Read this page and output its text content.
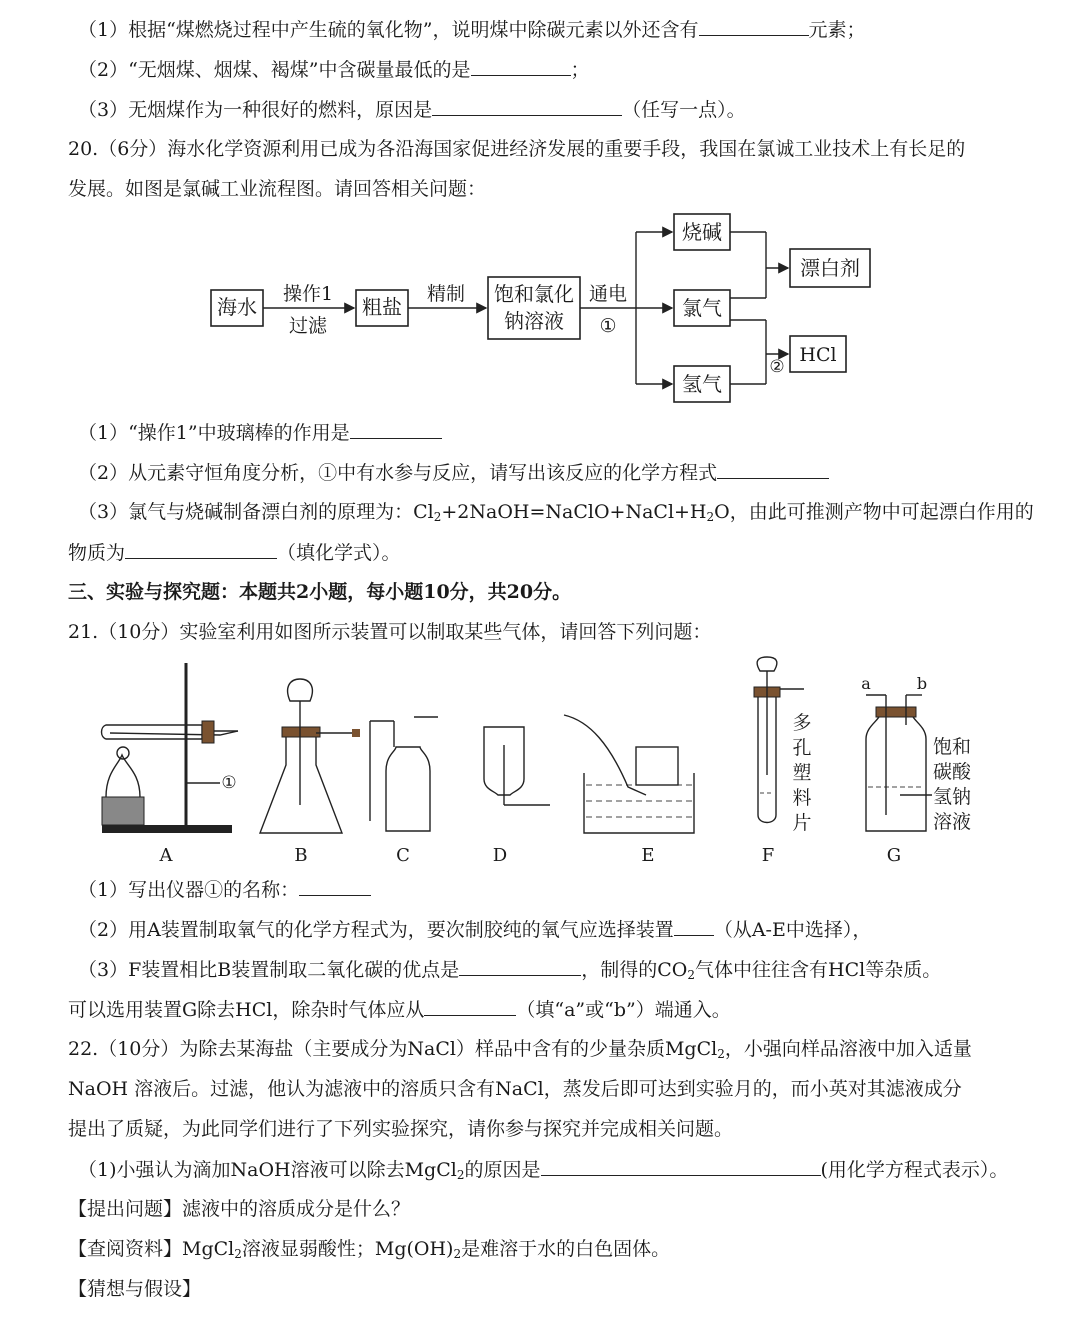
（1）根据“煤燃烧过程中产生硫的氧化物”，说明煤中除碳元素以外还含有	元素；
（2）“无烟煤、烟煤、褐煤”中含碳量最低的是	；
（3）无烟煤作为一种很好的燃料，原因是	（任写一点）。
20.（6分）海水化学资源利用已成为各沿海国家促进经济发展的重要手段，我国在氯诚工业技术上有长足的
发展。如图是氯碱工业流程图。请回答相关问题：
海水	粗盐
饱和氯化
钠溶液
烧碱
氯气
氢气
漂白剂
HCl
操作1
过滤
精制	通电
①
②
（1）“操作1”中玻璃棒的作用是
（2）从元素守恒角度分析，①中有水参与反应，请写出该反应的化学方程式
（3）氯气与烧碱制备漂白剂的原理为：$Cl_2+2NaOH=NaClO+NaCl+H_2O$，由此可推测产物中可起漂白作用的
物质为	（填化学式）。
三、实验与探究题：本题共2小题，每小题10分，共20分。
21.（10分）实验室利用如图所示装置可以制取某些气体，请回答下列问题：
①
A	B	C	D	E	F
多
孔
塑
料
片
a	b
G
饱和
碳酸
氢钠
溶液
（1）写出仪器①的名称：
（2）用A装置制取氧气的化学方程式为，要次制胶纯的氧气应选择装置 （从A-E中选择），
（3）F装置相比B装置制取二氧化碳的优点是	，制得的$CO_2$气体中往往含有HCl等杂质。
可以选用装置G除去HCl，除杂时气体应从	（填“a”或“b”）端通入。
22.（10分）为除去某海盐（主要成分为NaCl）样品中含有的少量杂质MgCl$_2$，小强向样品溶液中加入适量
NaOH 溶液后。过滤，他认为滤液中的溶质只含有NaCl，蒸发后即可达到实验月的，而小英对其滤液成分
提出了质疑，为此同学们进行了下列实验探究，请你参与探究并完成相关问题。
（1)小强认为滴加NaOH溶液可以除去MgCl$_2$的原因是	(用化学方程式表示）。
【提出问题】滤液中的溶质成分是什么？
【查阅资料】MgCl$_2$溶液显弱酸性；$Mg(OH)_2$是难溶于水的白色固体。
【猜想与假设】
